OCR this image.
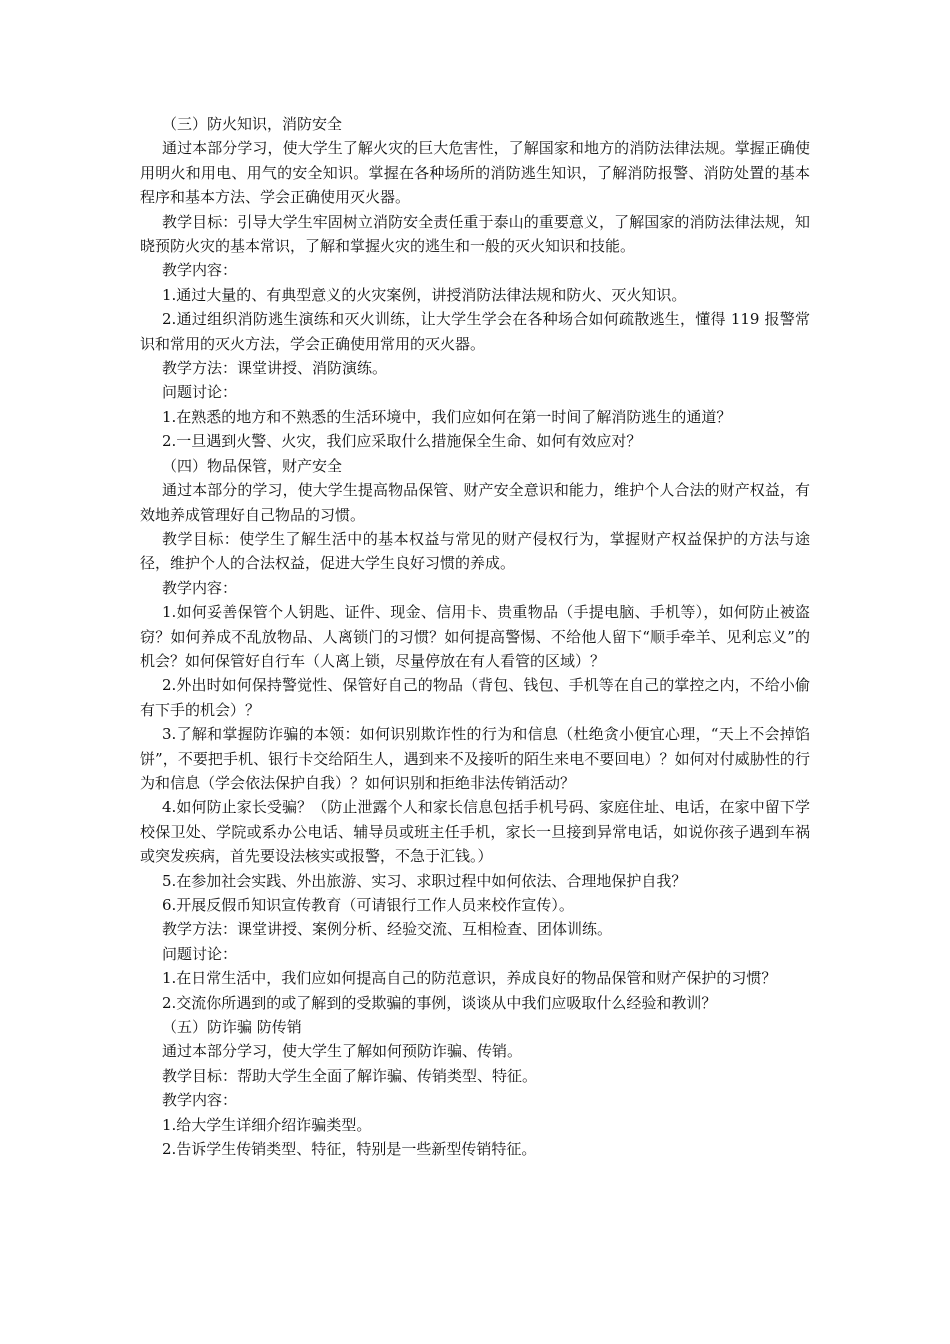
（三）防火知识，消防安全

通过本部分学习，使大学生了解火灾的巨大危害性，了解国家和地方的消防法律法规。掌握正确使用明火和用电、用气的安全知识。掌握在各种场所的消防逃生知识，了解消防报警、消防处置的基本程序和基本方法、学会正确使用灭火器。

教学目标：引导大学生牢固树立消防安全责任重于泰山的重要意义，了解国家的消防法律法规，知晓预防火灾的基本常识，了解和掌握火灾的逃生和一般的灭火知识和技能。

教学内容：

1.通过大量的、有典型意义的火灾案例，讲授消防法律法规和防火、灭火知识。

2.通过组织消防逃生演练和灭火训练，让大学生学会在各种场合如何疏散逃生，懂得 119 报警常识和常用的灭火方法，学会正确使用常用的灭火器。

教学方法：课堂讲授、消防演练。

问题讨论：

1.在熟悉的地方和不熟悉的生活环境中，我们应如何在第一时间了解消防逃生的通道？

2.一旦遇到火警、火灾，我们应采取什么措施保全生命、如何有效应对？

（四）物品保管，财产安全

通过本部分的学习，使大学生提高物品保管、财产安全意识和能力，维护个人合法的财产权益，有效地养成管理好自己物品的习惯。

教学目标：使学生了解生活中的基本权益与常见的财产侵权行为，掌握财产权益保护的方法与途径，维护个人的合法权益，促进大学生良好习惯的养成。

教学内容：

1.如何妥善保管个人钥匙、证件、现金、信用卡、贵重物品（手提电脑、手机等），如何防止被盗窃？如何养成不乱放物品、人离锁门的习惯？如何提高警惕、不给他人留下“顺手牵羊、见利忘义”的机会？如何保管好自行车（人离上锁，尽量停放在有人看管的区域）？

2.外出时如何保持警觉性、保管好自己的物品（背包、钱包、手机等在自己的掌控之内，不给小偷有下手的机会）？

3.了解和掌握防诈骗的本领：如何识别欺诈性的行为和信息（杜绝贪小便宜心理，“天上不会掉馅饼”，不要把手机、银行卡交给陌生人，遇到来不及接听的陌生来电不要回电）？如何对付威胁性的行为和信息（学会依法保护自我）？如何识别和拒绝非法传销活动？

4.如何防止家长受骗？（防止泄露个人和家长信息包括手机号码、家庭住址、电话，在家中留下学校保卫处、学院或系办公电话、辅导员或班主任手机，家长一旦接到异常电话，如说你孩子遇到车祸或突发疾病，首先要设法核实或报警，不急于汇钱。）

5.在参加社会实践、外出旅游、实习、求职过程中如何依法、合理地保护自我？

6.开展反假币知识宣传教育（可请银行工作人员来校作宣传）。

教学方法：课堂讲授、案例分析、经验交流、互相检查、团体训练。

问题讨论：

1.在日常生活中，我们应如何提高自己的防范意识，养成良好的物品保管和财产保护的习惯？

2.交流你所遇到的或了解到的受欺骗的事例，谈谈从中我们应吸取什么经验和教训？

（五）防诈骗 防传销

通过本部分学习，使大学生了解如何预防诈骗、传销。

教学目标：帮助大学生全面了解诈骗、传销类型、特征。

教学内容：

1.给大学生详细介绍诈骗类型。

2.告诉学生传销类型、特征，特别是一些新型传销特征。
